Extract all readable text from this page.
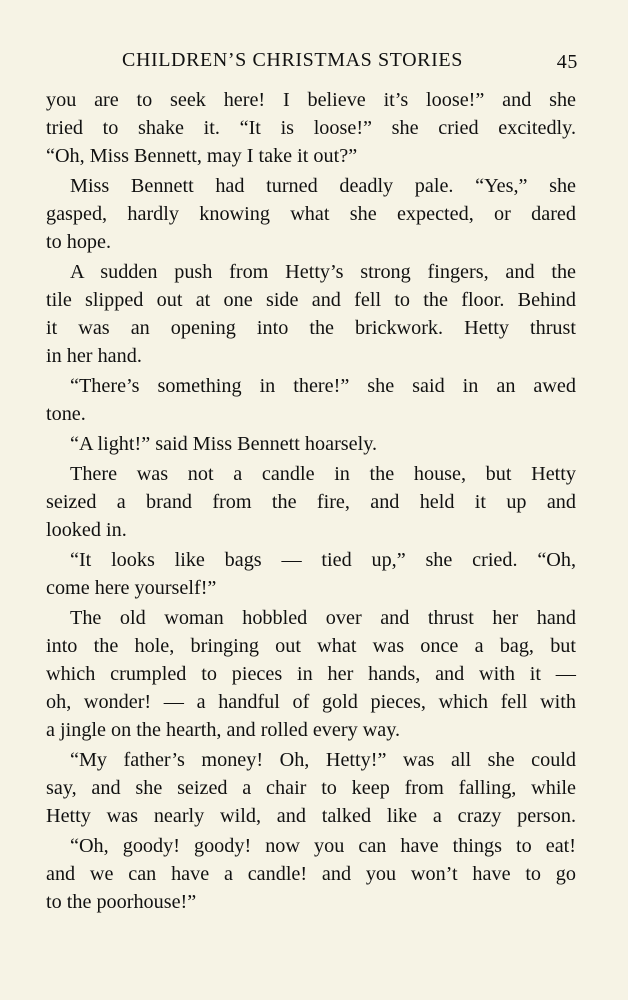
CHILDREN’S CHRISTMAS STORIES	45
you are to seek here! I believe it’s loose!” and she
tried to shake it. “It is loose!” she cried excitedly.
“Oh, Miss Bennett, may I take it out?”
Miss Bennett had turned deadly pale. “Yes,” she
gasped, hardly knowing what she expected, or dared
to hope.
A sudden push from Hetty’s strong fingers, and the
tile slipped out at one side and fell to the floor. Behind
it was an opening into the brickwork. Hetty thrust
in her hand.
“There’s something in there!” she said in an awed
tone.
“A light!” said Miss Bennett hoarsely.
There was not a candle in the house, but Hetty
seized a brand from the fire, and held it up and
looked in.
“It looks like bags — tied up,” she cried. “Oh,
come here yourself!”
The old woman hobbled over and thrust her hand
into the hole, bringing out what was once a bag, but
which crumpled to pieces in her hands, and with it —
oh, wonder! — a handful of gold pieces, which fell with
a jingle on the hearth, and rolled every way.
“My father’s money! Oh, Hetty!” was all she could
say, and she seized a chair to keep from falling, while
Hetty was nearly wild, and talked like a crazy person.
“Oh, goody! goody! now you can have things to eat!
and we can have a candle! and you won’t have to go
to the poorhouse!”
